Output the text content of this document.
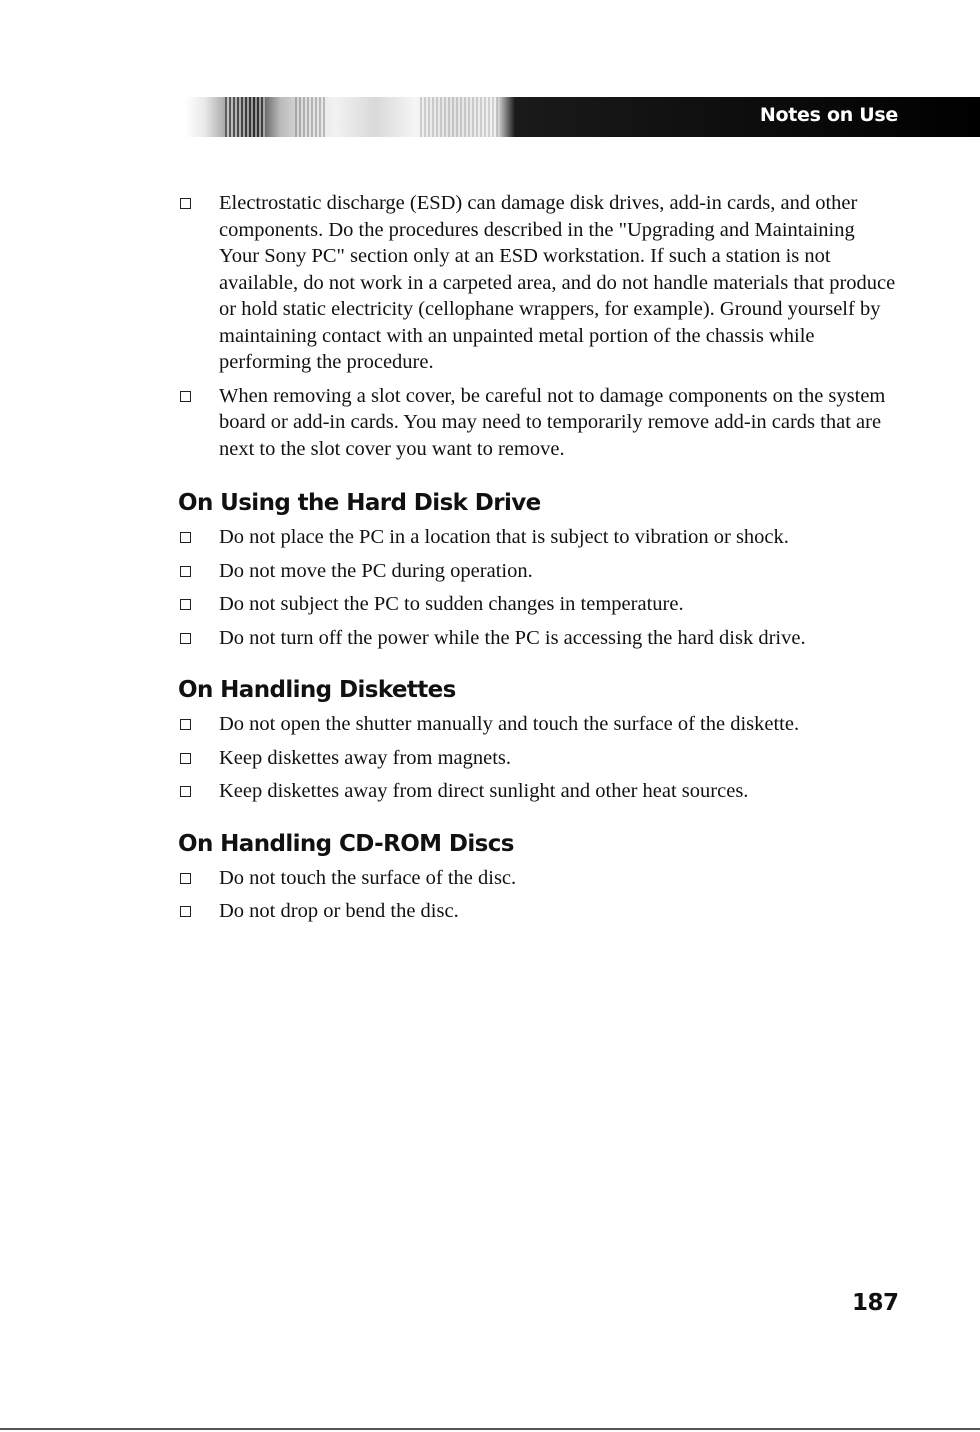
Notes on Use
Electrostatic discharge (ESD) can damage disk drives, add-in cards, and other components. Do the procedures described in the "Upgrading and Maintaining Your Sony PC" section only at an ESD workstation. If such a station is not available, do not work in a carpeted area, and do not handle materials that produce or hold static electricity (cellophane wrappers, for example). Ground yourself by maintaining contact with an unpainted metal portion of the chassis while performing the procedure.
When removing a slot cover, be careful not to damage components on the system board or add-in cards. You may need to temporarily remove add-in cards that are next to the slot cover you want to remove.
On Using the Hard Disk Drive
Do not place the PC in a location that is subject to vibration or shock.
Do not move the PC during operation.
Do not subject the PC to sudden changes in temperature.
Do not turn off the power while the PC is accessing the hard disk drive.
On Handling Diskettes
Do not open the shutter manually and touch the surface of the diskette.
Keep diskettes away from magnets.
Keep diskettes away from direct sunlight and other heat sources.
On Handling CD-ROM Discs
Do not touch the surface of the disc.
Do not drop or bend the disc.
187
